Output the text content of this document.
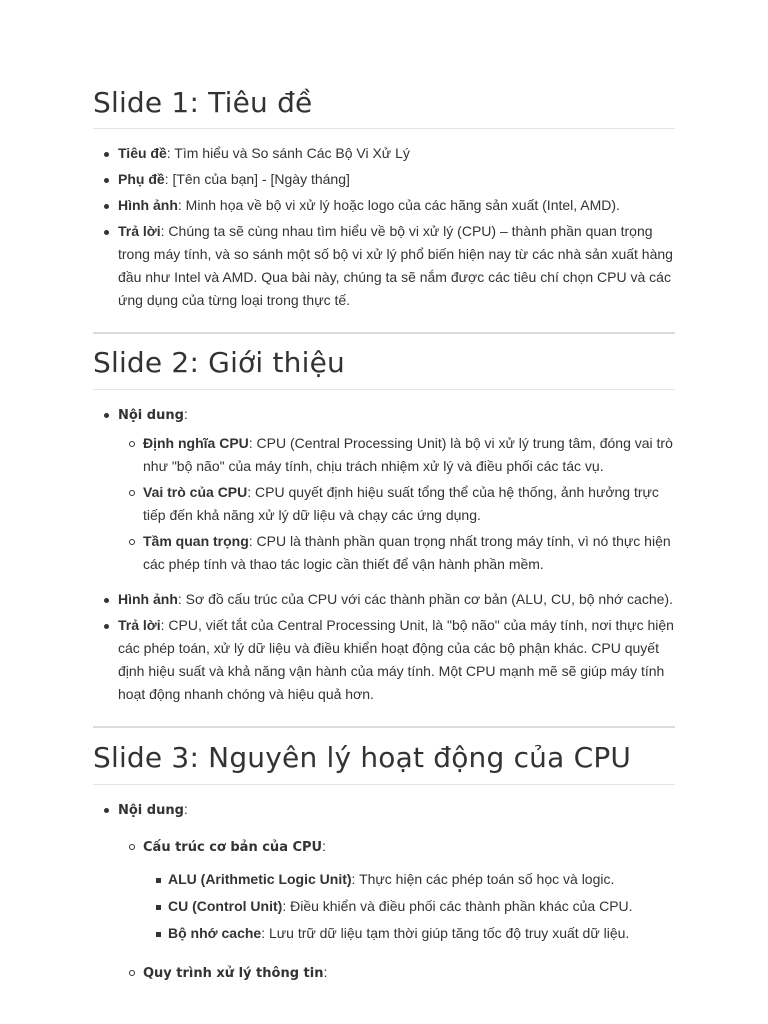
Slide 1: Tiêu đề
Tiêu đề: Tìm hiểu và So sánh Các Bộ Vi Xử Lý
Phụ đề: [Tên của bạn] - [Ngày tháng]
Hình ảnh: Minh họa về bộ vi xử lý hoặc logo của các hãng sản xuất (Intel, AMD).
Trả lời: Chúng ta sẽ cùng nhau tìm hiểu về bộ vi xử lý (CPU) – thành phần quan trọng trong máy tính, và so sánh một số bộ vi xử lý phổ biến hiện nay từ các nhà sản xuất hàng đầu như Intel và AMD. Qua bài này, chúng ta sẽ nắm được các tiêu chí chọn CPU và các ứng dụng của từng loại trong thực tế.
Slide 2: Giới thiệu
Nội dung:
Định nghĩa CPU: CPU (Central Processing Unit) là bộ vi xử lý trung tâm, đóng vai trò như "bộ não" của máy tính, chịu trách nhiệm xử lý và điều phối các tác vụ.
Vai trò của CPU: CPU quyết định hiệu suất tổng thể của hệ thống, ảnh hưởng trực tiếp đến khả năng xử lý dữ liệu và chạy các ứng dụng.
Tầm quan trọng: CPU là thành phần quan trọng nhất trong máy tính, vì nó thực hiện các phép tính và thao tác logic cần thiết để vận hành phần mềm.
Hình ảnh: Sơ đồ cấu trúc của CPU với các thành phần cơ bản (ALU, CU, bộ nhớ cache).
Trả lời: CPU, viết tắt của Central Processing Unit, là "bộ não" của máy tính, nơi thực hiện các phép toán, xử lý dữ liệu và điều khiển hoạt động của các bộ phận khác. CPU quyết định hiệu suất và khả năng vận hành của máy tính. Một CPU mạnh mẽ sẽ giúp máy tính hoạt động nhanh chóng và hiệu quả hơn.
Slide 3: Nguyên lý hoạt động của CPU
Nội dung:
Cấu trúc cơ bản của CPU:
ALU (Arithmetic Logic Unit): Thực hiện các phép toán số học và logic.
CU (Control Unit): Điều khiển và điều phối các thành phần khác của CPU.
Bộ nhớ cache: Lưu trữ dữ liệu tạm thời giúp tăng tốc độ truy xuất dữ liệu.
Quy trình xử lý thông tin:
